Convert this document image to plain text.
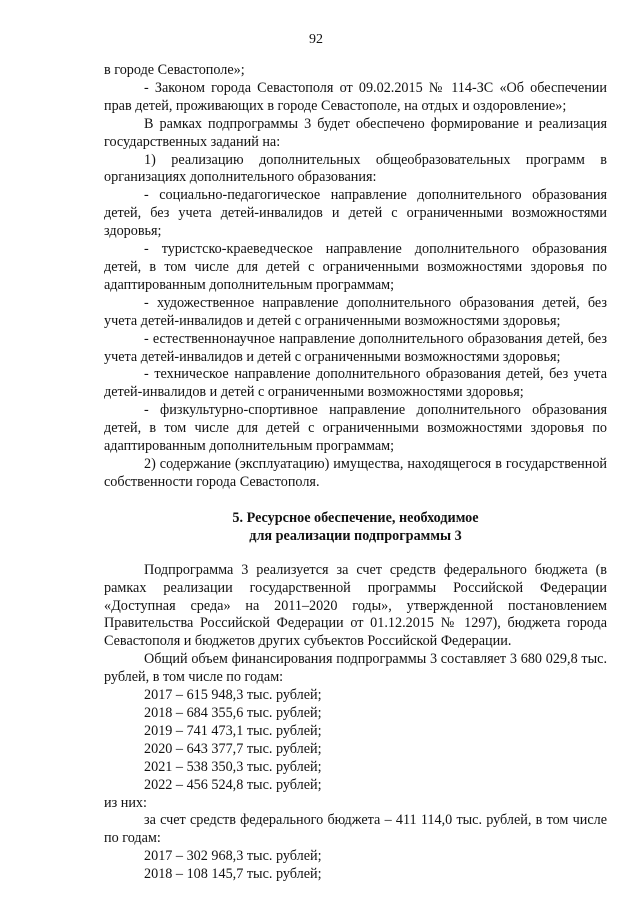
92

в городе Севастополе»;

- Законом города Севастополя от 09.02.2015 № 114-ЗС «Об обеспечении прав детей, проживающих в городе Севастополе, на отдых и оздоровление»;

В рамках подпрограммы 3 будет обеспечено формирование и реализация государственных заданий на:

1) реализацию дополнительных общеобразовательных программ в организациях дополнительного образования:

- социально-педагогическое направление дополнительного образования детей, без учета детей-инвалидов и детей с ограниченными возможностями здоровья;

- туристско-краеведческое направление дополнительного образования детей, в том числе для детей с ограниченными возможностями здоровья по адаптированным дополнительным программам;

- художественное направление дополнительного образования детей, без учета детей-инвалидов и детей с ограниченными возможностями здоровья;

- естественнонаучное направление дополнительного образования детей, без учета детей-инвалидов и детей с ограниченными возможностями здоровья;

- техническое направление дополнительного образования детей, без учета детей-инвалидов и детей с ограниченными возможностями здоровья;

- физкультурно-спортивное направление дополнительного образования детей, в том числе для детей с ограниченными возможностями здоровья по адаптированным дополнительным программам;

2) содержание (эксплуатацию) имущества, находящегося в государственной собственности города Севастополя.

5. Ресурсное обеспечение, необходимое
для реализации подпрограммы 3

Подпрограмма 3 реализуется за счет средств федерального бюджета (в рамках реализации государственной программы Российской Федерации «Доступная среда» на 2011–2020 годы», утвержденной постановлением Правительства Российской Федерации от 01.12.2015 № 1297), бюджета города Севастополя и бюджетов других субъектов Российской Федерации.

Общий объем финансирования подпрограммы 3 составляет 3 680 029,8 тыс. рублей, в том числе по годам:

2017 – 615 948,3 тыс. рублей;

2018 – 684 355,6 тыс. рублей;

2019 – 741 473,1 тыс. рублей;

2020 – 643 377,7 тыс. рублей;

2021 – 538 350,3 тыс. рублей;

2022 – 456 524,8 тыс. рублей;

из них:

за счет средств федерального бюджета – 411 114,0 тыс. рублей, в том числе по годам:

2017 – 302 968,3 тыс. рублей;

2018 – 108 145,7 тыс. рублей;
